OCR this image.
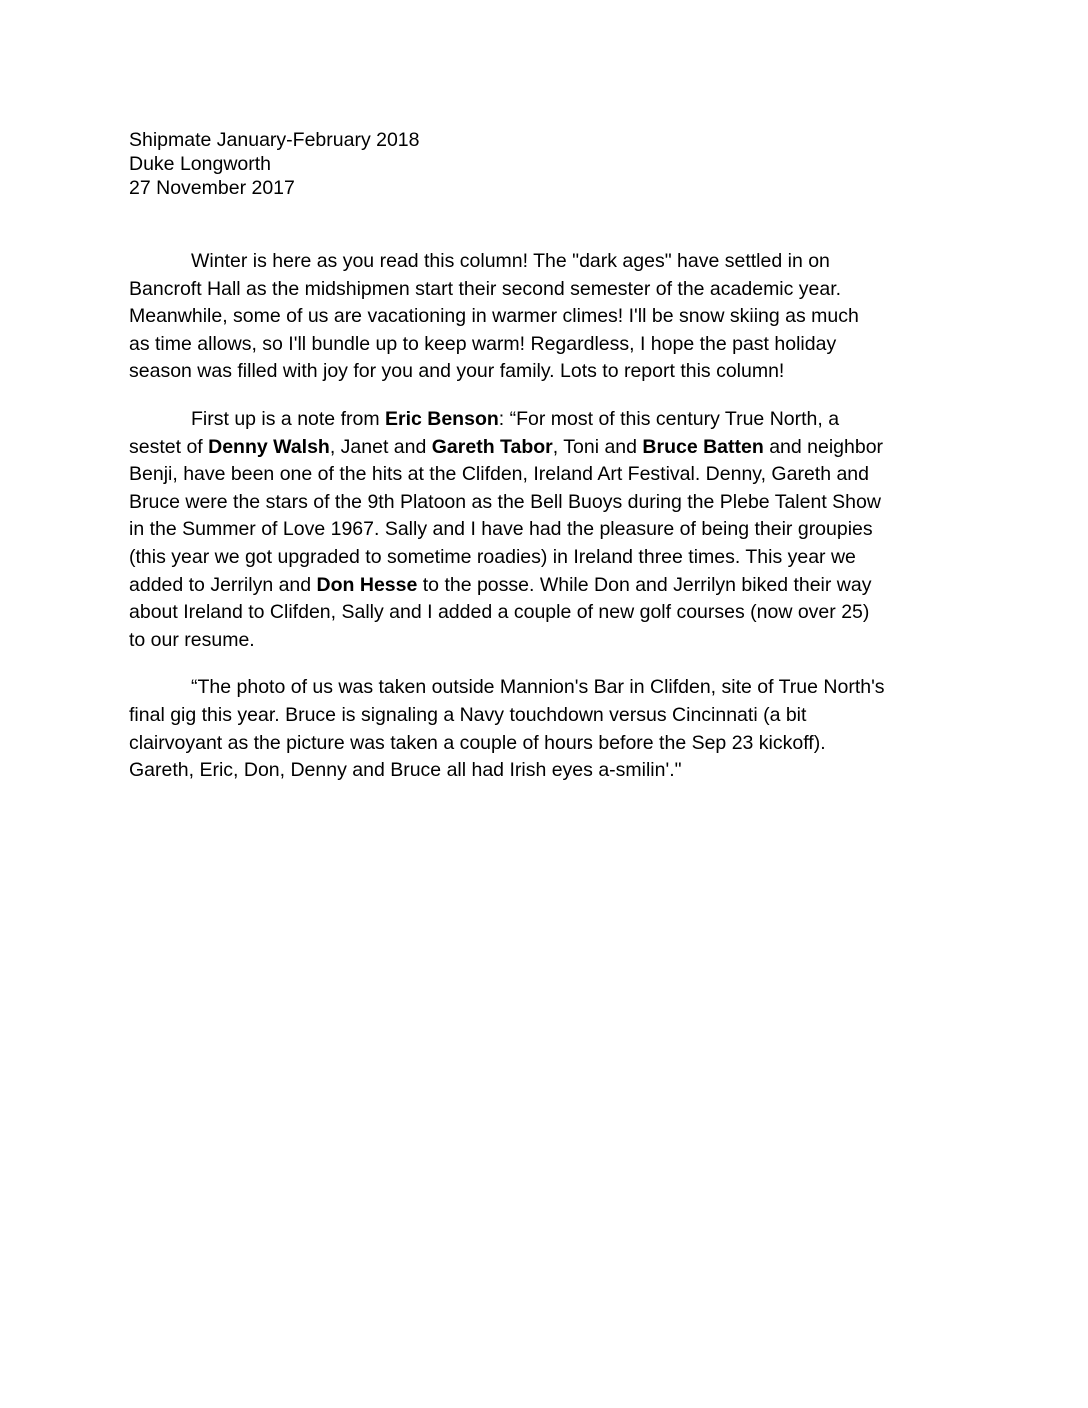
Shipmate January-February 2018
Duke Longworth
27 November 2017
Winter is here as you read this column! The "dark ages" have settled in on
Bancroft Hall as the midshipmen start their second semester of the academic year.
Meanwhile, some of us are vacationing in warmer climes! I'll be snow skiing as much
as time allows, so I'll bundle up to keep warm! Regardless, I hope the past holiday
season was filled with joy for you and your family. Lots to report this column!
First up is a note from Eric Benson: “For most of this century True North, a
sestet of Denny Walsh, Janet and Gareth Tabor, Toni and Bruce Batten and neighbor
Benji, have been one of the hits at the Clifden, Ireland Art Festival. Denny, Gareth and
Bruce were the stars of the 9th Platoon as the Bell Buoys during the Plebe Talent Show
in the Summer of Love 1967. Sally and I have had the pleasure of being their groupies
(this year we got upgraded to sometime roadies) in Ireland three times. This year we
added to Jerrilyn and Don Hesse to the posse. While Don and Jerrilyn biked their way
about Ireland to Clifden, Sally and I added a couple of new golf courses (now over 25)
to our resume.
“The photo of us was taken outside Mannion's Bar in Clifden, site of True North's
final gig this year. Bruce is signaling a Navy touchdown versus Cincinnati (a bit
clairvoyant as the picture was taken a couple of hours before the Sep 23 kickoff).
Gareth, Eric, Don, Denny and Bruce all had Irish eyes a-smilin'."
